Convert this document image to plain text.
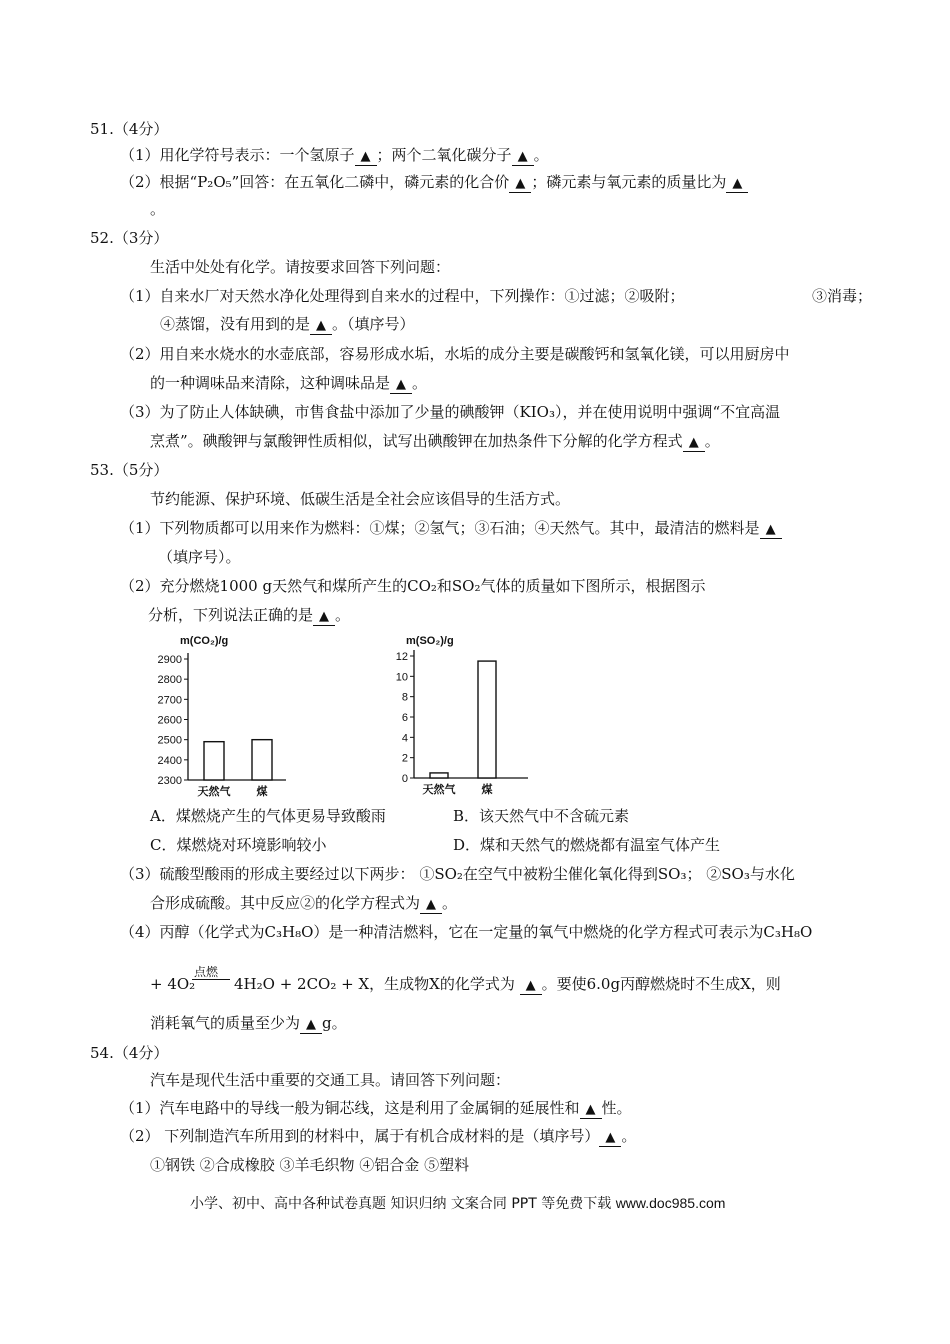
51.（4分）
（1）用化学符号表示：一个氢原子 ▲ ；两个二氧化碳分子 ▲ 。
（2）根据“P₂O₅”回答：在五氧化二磷中，磷元素的化合价 ▲ ；磷元素与氧元素的质量比为 ▲
。
52.（3分）
生活中处处有化学。请按要求回答下列问题：
（1）自来水厂对天然水净化处理得到自来水的过程中，下列操作：①过滤；②吸附；	③消毒；
④蒸馏，没有用到的是 ▲ 。（填序号）
（2）用自来水烧水的水壶底部，容易形成水垢，水垢的成分主要是碳酸钙和氢氧化镁，可以用厨房中
的一种调味品来清除，这种调味品是 ▲ 。
（3）为了防止人体缺碘，市售食盐中添加了少量的碘酸钾（KIO₃），并在使用说明中强调“不宜高温
烹煮”。碘酸钾与氯酸钾性质相似，试写出碘酸钾在加热条件下分解的化学方程式 ▲ 。
53.（5分）
节约能源、保护环境、低碳生活是全社会应该倡导的生活方式。
（1）下列物质都可以用来作为燃料：①煤；②氢气；③石油；④天然气。其中，最清洁的燃料是 ▲
（填序号）。
（2）充分燃烧1000 g天然气和煤所产生的CO₂和SO₂气体的质量如下图所示，根据图示
分析，下列说法正确的是 ▲ 。
m(CO₂)/g
2900
2800
2700
2600
2500
2400
2300
天然气 煤
m(SO₂)/g
12
10
8
6
4
2
0
天然气 煤
A．煤燃烧产生的气体更易导致酸雨	B．该天然气中不含硫元素
C．煤燃烧对环境影响较小	D．煤和天然气的燃烧都有温室气体产生
（3）硫酸型酸雨的形成主要经过以下两步： ①SO₂在空气中被粉尘催化氧化得到SO₃； ②SO₃与水化
合形成硫酸。其中反应②的化学方程式为 ▲ 。
（4）丙醇（化学式为C₃H₈O）是一种清洁燃料，它在一定量的氧气中燃烧的化学方程式可表示为C₃H₈O
点燃
+ 4O₂	4H₂O + 2CO₂ + X，生成物X的化学式为 ▲ 。要使6.0g丙醇燃烧时不生成X，则
消耗氧气的质量至少为 ▲ g。
54.（4分）
汽车是现代生活中重要的交通工具。请回答下列问题：
（1）汽车电路中的导线一般为铜芯线，这是利用了金属铜的延展性和 ▲ 性。
（2） 下列制造汽车所用到的材料中，属于有机合成材料的是（填序号） ▲ 。
①钢铁 ②合成橡胶 ③羊毛织物 ④铝合金 ⑤塑料
小学、初中、高中各种试卷真题 知识归纳 文案合同 PPT 等免费下载 www.doc985.com
